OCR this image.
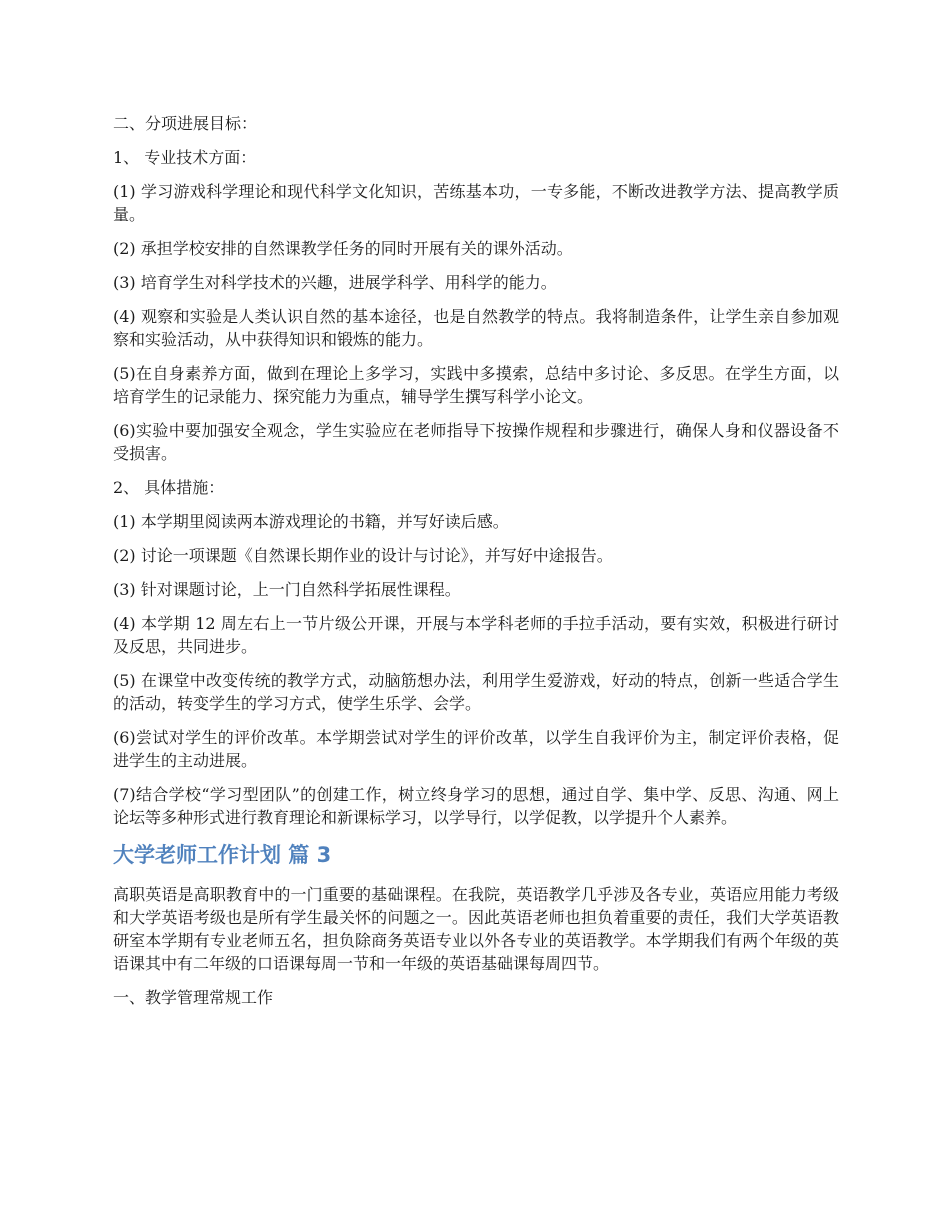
二、分项进展目标：

1、 专业技术方面：

(1) 学习游戏科学理论和现代科学文化知识，苦练基本功，一专多能，不断改进教学方法、提高教学质量。

(2) 承担学校安排的自然课教学任务的同时开展有关的课外活动。

(3) 培育学生对科学技术的兴趣，进展学科学、用科学的能力。

(4) 观察和实验是人类认识自然的基本途径，也是自然教学的特点。我将制造条件，让学生亲自参加观察和实验活动，从中获得知识和锻炼的能力。

(5)在自身素养方面，做到在理论上多学习，实践中多摸索，总结中多讨论、多反思。在学生方面，以培育学生的记录能力、探究能力为重点，辅导学生撰写科学小论文。

(6)实验中要加强安全观念，学生实验应在老师指导下按操作规程和步骤进行，确保人身和仪器设备不受损害。

2、 具体措施：

(1) 本学期里阅读两本游戏理论的书籍，并写好读后感。

(2) 讨论一项课题《自然课长期作业的设计与讨论》，并写好中途报告。

(3) 针对课题讨论，上一门自然科学拓展性课程。

(4) 本学期 12 周左右上一节片级公开课，开展与本学科老师的手拉手活动，要有实效，积极进行研讨及反思，共同进步。

(5) 在课堂中改变传统的教学方式，动脑筋想办法，利用学生爱游戏，好动的特点，创新一些适合学生的活动，转变学生的学习方式，使学生乐学、会学。

(6)尝试对学生的评价改革。本学期尝试对学生的评价改革，以学生自我评价为主，制定评价表格，促进学生的主动进展。

(7)结合学校“学习型团队”的创建工作，树立终身学习的思想，通过自学、集中学、反思、沟通、网上论坛等多种形式进行教育理论和新课标学习，以学导行，以学促教，以学提升个人素养。

大学老师工作计划 篇 3

高职英语是高职教育中的一门重要的基础课程。在我院，英语教学几乎涉及各专业，英语应用能力考级和大学英语考级也是所有学生最关怀的问题之一。因此英语老师也担负着重要的责任，我们大学英语教研室本学期有专业老师五名，担负除商务英语专业以外各专业的英语教学。本学期我们有两个年级的英语课其中有二年级的口语课每周一节和一年级的英语基础课每周四节。

一、教学管理常规工作
